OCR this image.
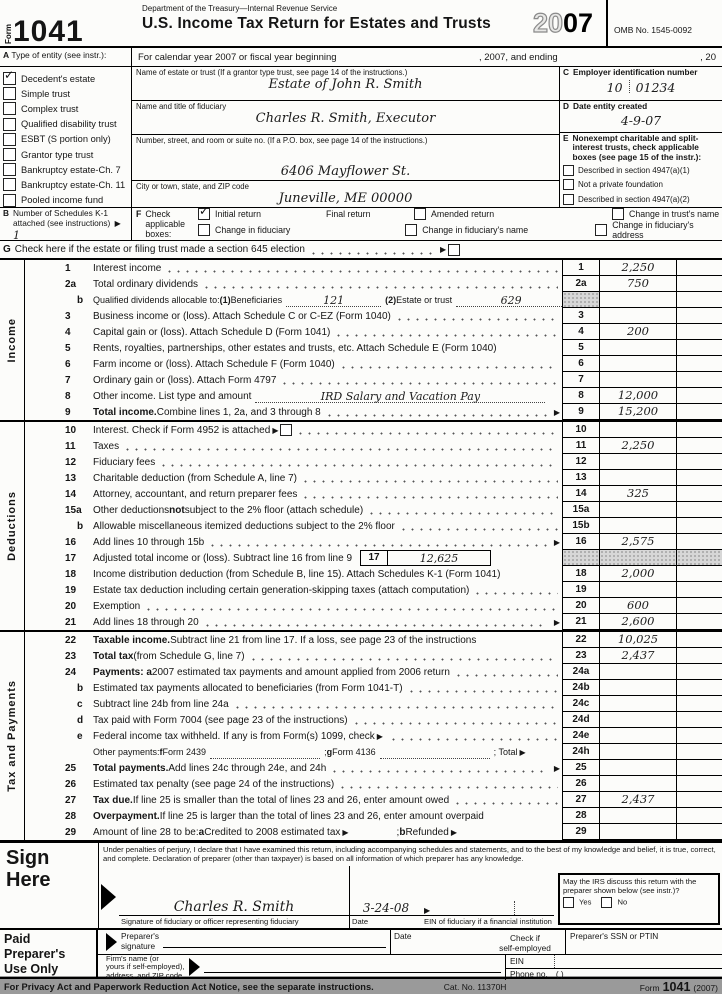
Form 1041
Department of the Treasury—Internal Revenue Service
U.S. Income Tax Return for Estates and Trusts	20 07	OMB No. 1545-0092
A Type of entity (see instr.):	For calendar year 2007 or fiscal year beginning	, 2007, and ending	, 20
✓
Decedent's estate
Simple trust
Complex trust
Qualified disability trust
ESBT (S portion only)
Grantor type trust
Bankruptcy estate-Ch. 7
Bankruptcy estate-Ch. 11
Pooled income fund
Name of estate or trust (If a grantor type trust, see page 14 of the instructions.)
Estate of John R. Smith
Name and title of fiduciary
Charles R. Smith, Executor
Number, street, and room or suite no. (If a P.O. box, see page 14 of the instructions.)
6406 Mayflower St.
City or town, state, and ZIP code
Juneville, ME 00000
C Employer identification number
10 01234
D Date entity created
4-9-07
E Nonexempt charitable and split-interest trusts, check applicable boxes (see page 15 of the instr.):
Described in section 4947(a)(1)
Not a private foundation
Described in section 4947(a)(2)
B Number of Schedules K-1 attached (see instructions) ▶ 1
F Check applicable boxes:
✓
Initial return	Final return	Amended return	Change in trust's name
Change in fiduciary	Change in fiduciary's name	Change in fiduciary's address
G Check here if the estate or filing trust made a section 645 election	▶
Income
1	Interest income	1	2,250
2a	Total ordinary dividends	2a	750
b	Qualified dividends allocable to: (1) Beneficiaries	121	(2) Estate or trust	629
3	Business income or (loss). Attach Schedule C or C-EZ (Form 1040)	3
4	Capital gain or (loss). Attach Schedule D (Form 1041)	4	200
5	Rents, royalties, partnerships, other estates and trusts, etc. Attach Schedule E (Form 1040)	5
6	Farm income or (loss). Attach Schedule F (Form 1040)	6
7	Ordinary gain or (loss). Attach Form 4797	7
8	Other income. List type and amount	IRD Salary and Vacation Pay	8	12,000
9	Total income. Combine lines 1, 2a, and 3 through 8	▶	9	15,200
Deductions
10	Interest. Check if Form 4952 is attached ▶	10
11	Taxes	11	2,250
12	Fiduciary fees	12
13	Charitable deduction (from Schedule A, line 7)	13
14	Attorney, accountant, and return preparer fees	14	325
15a	Other deductions not subject to the 2% floor (attach schedule)	15a
b Allowable miscellaneous itemized deductions subject to the 2% floor	15b
16	Add lines 10 through 15b	▶	16	2,575
17	Adjusted total income or (loss). Subtract line 16 from line 9	17	12,625
18	Income distribution deduction (from Schedule B, line 15). Attach Schedules K-1 (Form 1041)	18	2,000
19	Estate tax deduction including certain generation-skipping taxes (attach computation)	19
20	Exemption	20	600
21	Add lines 18 through 20	▶	21	2,600
Tax and Payments
22	Taxable income. Subtract line 21 from line 17. If a loss, see page 23 of the instructions	22	10,025
23	Total tax (from Schedule G, line 7)	23	2,437
24	Payments: a 2007 estimated tax payments and amount applied from 2006 return	24a
b Estimated tax payments allocated to beneficiaries (from Form 1041-T)	24b
c	Subtract line 24b from line 24a	24c
d Tax paid with Form 7004 (see page 23 of the instructions)	24d
e	Federal income tax withheld. If any is from Form(s) 1099, check ▶	24e
Other payments: f Form 2439	; g Form 4136	; Total ▶	24h
25	Total payments. Add lines 24c through 24e, and 24h	▶	25
26	Estimated tax penalty (see page 24 of the instructions)	26
27	Tax due. If line 25 is smaller than the total of lines 23 and 26, enter amount owed	27	2,437
28	Overpayment. If line 25 is larger than the total of lines 23 and 26, enter amount overpaid	28
29	Amount of line 28 to be: a Credited to 2008 estimated tax ▶	; b Refunded ▶	29
Sign
Here
Under penalties of perjury, I declare that I have examined this return, including accompanying schedules and statements, and to the best of my knowledge and belief, it is true, correct, and complete. Declaration of preparer (other than taxpayer) is based on all information of which preparer has any knowledge.
Charles R. Smith
Signature of fiduciary or officer representing fiduciary
3-24-08
Date
▶
EIN of fiduciary if a financial institution
May the IRS discuss this return with the preparer shown below (see instr.)?
Yes	No
Paid
Preparer's
Use Only
Preparer's
signature
Date	Check if
self-employed
Preparer's SSN or PTIN
Firm's name (or
yours if self-employed),
address, and ZIP code
EIN
Phone no. ( )
For Privacy Act and Paperwork Reduction Act Notice, see the separate instructions.	Cat. No. 11370H	Form 1041 (2007)
